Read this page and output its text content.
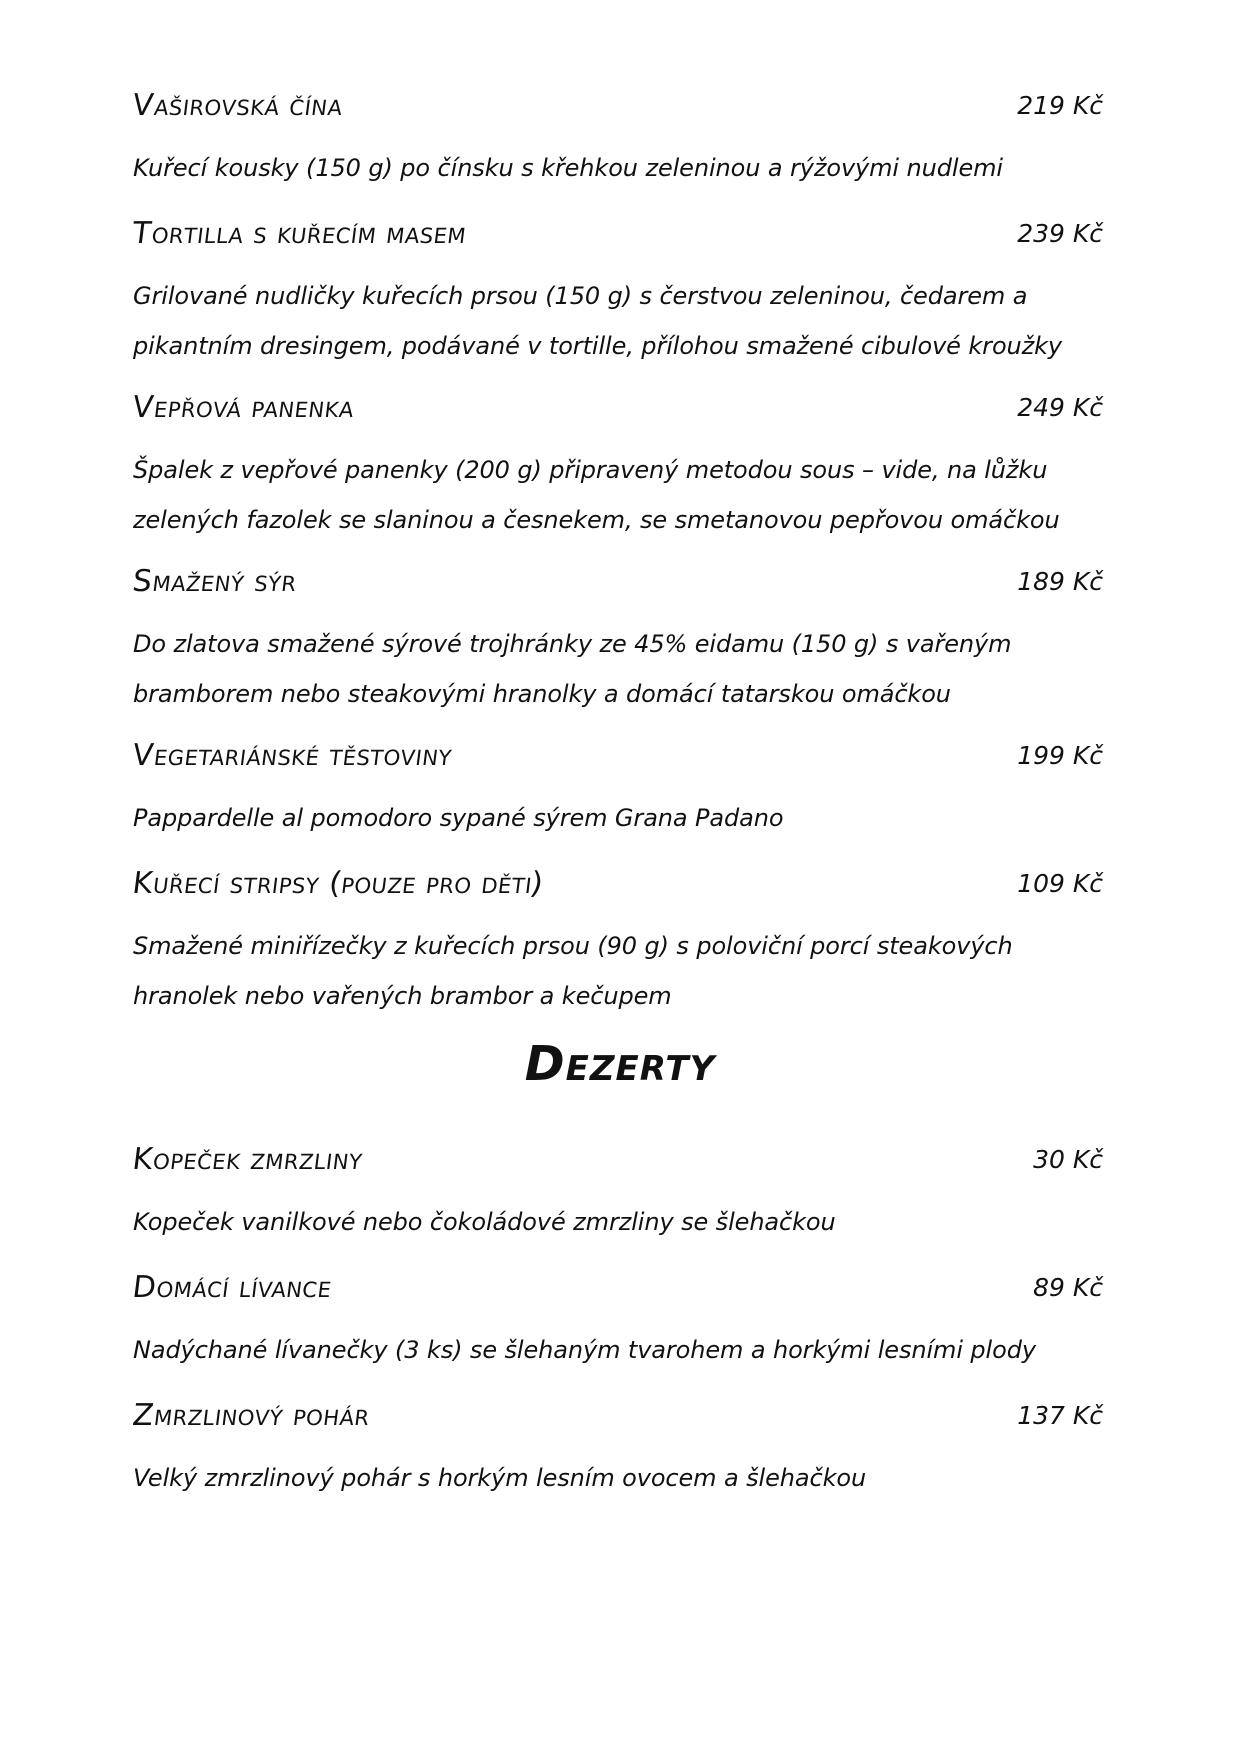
Vaširovská čína	219 Kč
Kuřecí kousky (150 g) po čínsku s křehkou zeleninou a rýžovými nudlemi
Tortilla s kuřecím masem	239 Kč
Grilované nudličky kuřecích prsou (150 g) s čerstvou zeleninou, čedarem a
pikantním dresingem, podávané v tortille, přílohou smažené cibulové kroužky
Vepřová panenka	249 Kč
Špalek z vepřové panenky (200 g) připravený metodou sous – vide, na lůžku
zelených fazolek se slaninou a česnekem, se smetanovou pepřovou omáčkou
Smažený sýr	189 Kč
Do zlatova smažené sýrové trojhránky ze 45% eidamu (150 g) s vařeným
bramborem nebo steakovými hranolky a domácí tatarskou omáčkou
Vegetariánské těstoviny	199 Kč
Pappardelle al pomodoro sypané sýrem Grana Padano
Kuřecí stripsy (pouze pro děti)	109 Kč
Smažené miniřízečky z kuřecích prsou (90 g) s poloviční porcí steakových
hranolek nebo vařených brambor a kečupem
Dezerty
Kopeček zmrzliny	30 Kč
Kopeček vanilkové nebo čokoládové zmrzliny se šlehačkou
Domácí lívance	89 Kč
Nadýchané lívanečky (3 ks) se šlehaným tvarohem a horkými lesními plody
Zmrzlinový pohár	137 Kč
Velký zmrzlinový pohár s horkým lesním ovocem a šlehačkou
